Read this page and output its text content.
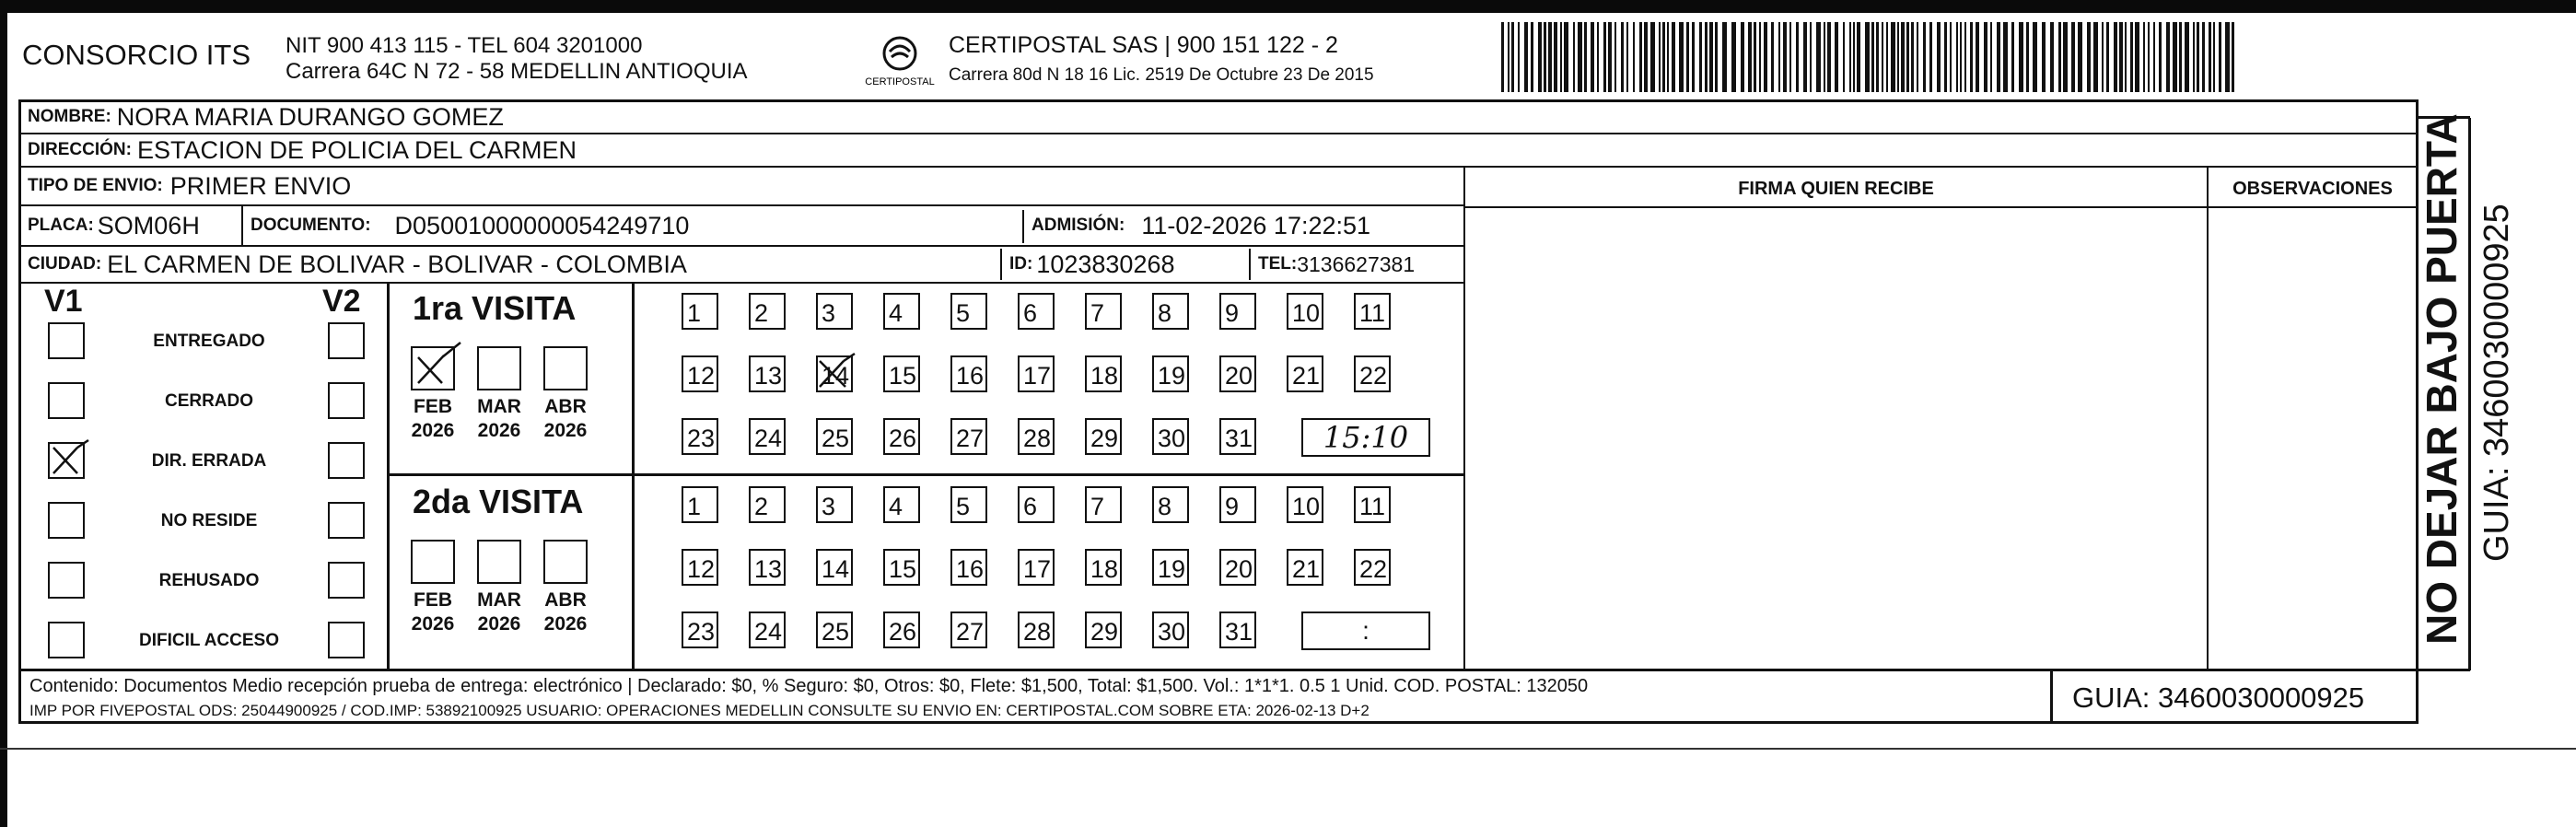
CONSORCIO ITS NIT 900 413 115 - TEL 604 3201000
Carrera 64C N 72 - 58 MEDELLIN ANTIOQUIA	CERTIPOSTAL
CERTIPOSTAL SAS | 900 151 122 - 2
Carrera 80d N 18 16 Lic. 2519 De Octubre 23 De 2015
NOMBRE: NORA MARIA DURANGO GOMEZ
DIRECCIÓN: ESTACION DE POLICIA DEL CARMEN
TIPO DE ENVIO: PRIMER ENVIO
PLACA: SOM06H	DOCUMENTO: D05001000000054249710	ADMISIÓN: 11-02-2026 17:22:51
CIUDAD: EL CARMEN DE BOLIVAR - BOLIVAR - COLOMBIA	ID: 1023830268	TEL: 3136627381
FIRMA QUIEN RECIBE	OBSERVACIONES
V1	V2 1ra VISITA
2da VISITA
Contenido: Documentos Medio recepción prueba de entrega: electrónico | Declarado: $0, % Seguro: $0, Otros: $0, Flete: $1,500, Total: $1,500. Vol.: 1*1*1. 0.5 1 Unid. COD. POSTAL: 132050
IMP POR FIVEPOSTAL ODS: 25044900925 / COD.IMP: 53892100925 USUARIO: OPERACIONES MEDELLIN CONSULTE SU ENVIO EN: CERTIPOSTAL.COM SOBRE ETA: 2026-02-13 D+2	GUIA: 3460030000925
NO DEJAR BAJO PUERTA GUIA: 3460030000925
ENTREGADO
CERRADO
DIR. ERRADA
NO RESIDE
REHUSADO
DIFICIL ACCESO
FEB
2026
MAR
2026
ABR
2026
1	2	3	4	5	6	7	8	9	10 11
12 13 14 15 16 17 18 19 20 21 22
23 24 25 26 27 28 29 30 31	15:10
FEB
2026
MAR
2026
ABR
2026
1	2	3	4	5	6	7	8	9	10 11
12 13 14 15 16 17 18 19 20 21 22
23 24 25 26 27 28 29 30 31	:
